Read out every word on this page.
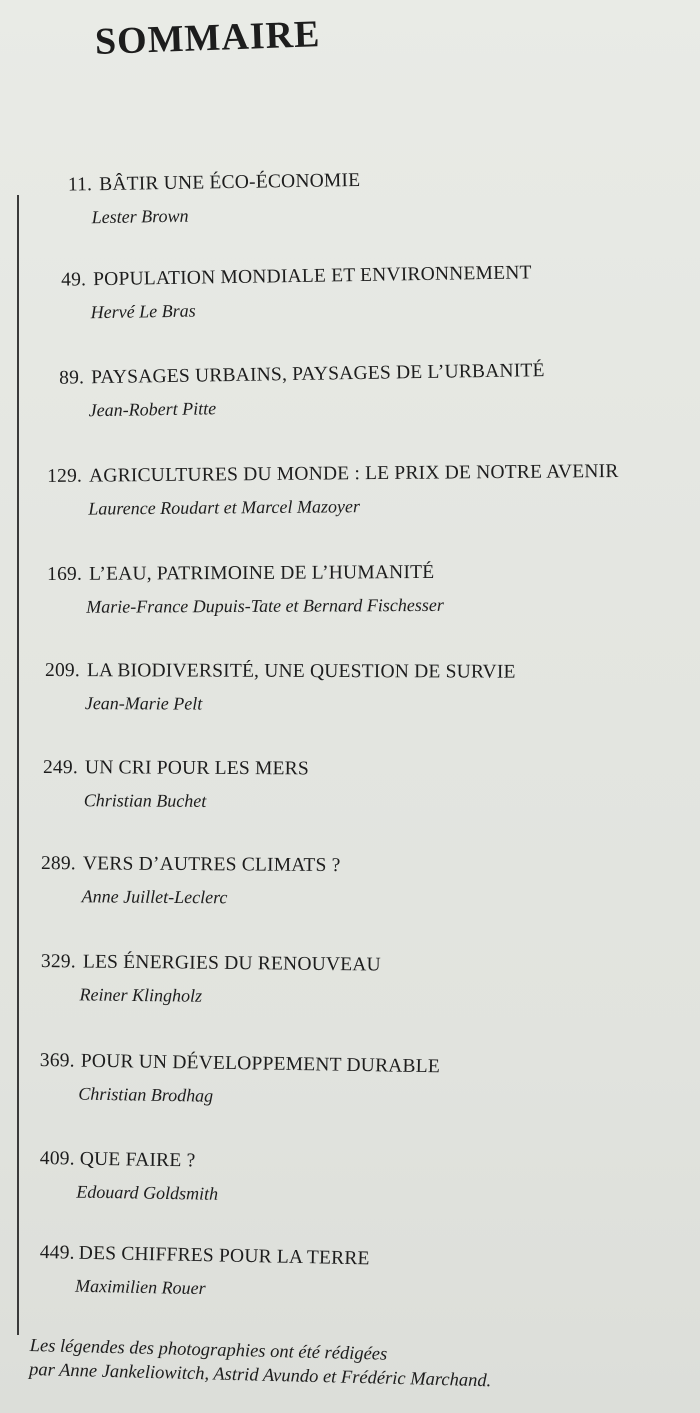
SOMMAIRE
11. BÂTIR UNE ÉCO-ÉCONOMIE
Lester Brown
49. POPULATION MONDIALE ET ENVIRONNEMENT
Hervé Le Bras
89. PAYSAGES URBAINS, PAYSAGES DE L’URBANITÉ
Jean-Robert Pitte
129. AGRICULTURES DU MONDE : LE PRIX DE NOTRE AVENIR
Laurence Roudart et Marcel Mazoyer
169. L’EAU, PATRIMOINE DE L’HUMANITÉ
Marie-France Dupuis-Tate et Bernard Fischesser
209. LA BIODIVERSITÉ, UNE QUESTION DE SURVIE
Jean-Marie Pelt
249. UN CRI POUR LES MERS
Christian Buchet
289. VERS D’AUTRES CLIMATS ?
Anne Juillet-Leclerc
329. LES ÉNERGIES DU RENOUVEAU
Reiner Klingholz
369. POUR UN DÉVELOPPEMENT DURABLE
Christian Brodhag
409. QUE FAIRE ?
Edouard Goldsmith
449. DES CHIFFRES POUR LA TERRE
Maximilien Rouer
Les légendes des photographies ont été rédigées
par Anne Jankeliowitch, Astrid Avundo et Frédéric Marchand.
